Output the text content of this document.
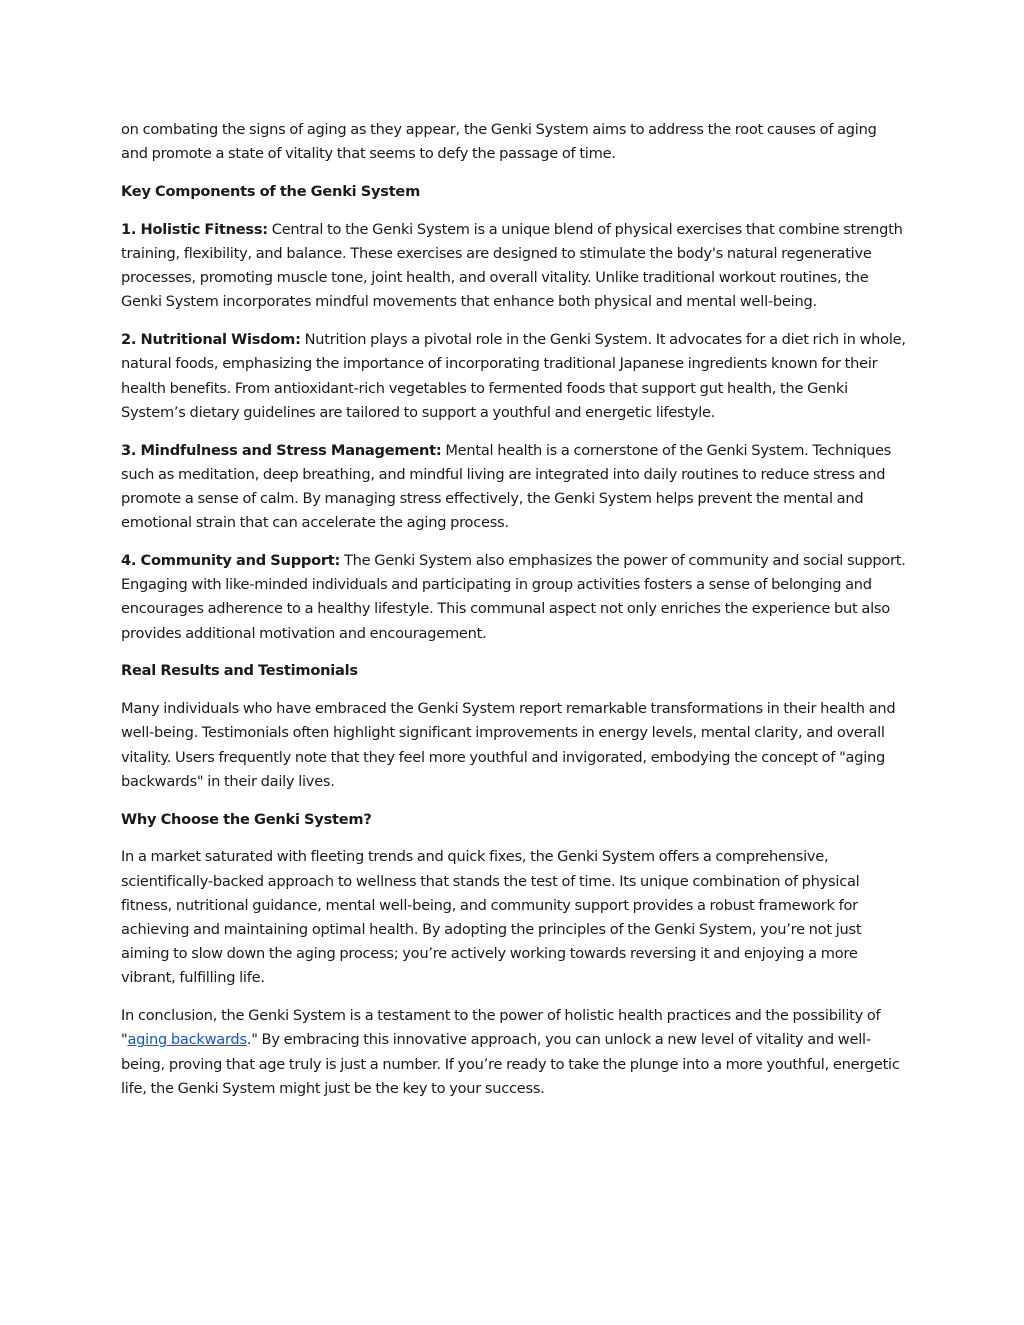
on combating the signs of aging as they appear, the Genki System aims to address the root causes of aging and promote a state of vitality that seems to defy the passage of time.

Key Components of the Genki System

1. Holistic Fitness: Central to the Genki System is a unique blend of physical exercises that combine strength training, flexibility, and balance. These exercises are designed to stimulate the body's natural regenerative processes, promoting muscle tone, joint health, and overall vitality. Unlike traditional workout routines, the Genki System incorporates mindful movements that enhance both physical and mental well-being.

2. Nutritional Wisdom: Nutrition plays a pivotal role in the Genki System. It advocates for a diet rich in whole, natural foods, emphasizing the importance of incorporating traditional Japanese ingredients known for their health benefits. From antioxidant-rich vegetables to fermented foods that support gut health, the Genki System’s dietary guidelines are tailored to support a youthful and energetic lifestyle.

3. Mindfulness and Stress Management: Mental health is a cornerstone of the Genki System. Techniques such as meditation, deep breathing, and mindful living are integrated into daily routines to reduce stress and promote a sense of calm. By managing stress effectively, the Genki System helps prevent the mental and emotional strain that can accelerate the aging process.

4. Community and Support: The Genki System also emphasizes the power of community and social support. Engaging with like-minded individuals and participating in group activities fosters a sense of belonging and encourages adherence to a healthy lifestyle. This communal aspect not only enriches the experience but also provides additional motivation and encouragement.

Real Results and Testimonials

Many individuals who have embraced the Genki System report remarkable transformations in their health and well-being. Testimonials often highlight significant improvements in energy levels, mental clarity, and overall vitality. Users frequently note that they feel more youthful and invigorated, embodying the concept of "aging backwards" in their daily lives.

Why Choose the Genki System?

In a market saturated with fleeting trends and quick fixes, the Genki System offers a comprehensive, scientifically-backed approach to wellness that stands the test of time. Its unique combination of physical fitness, nutritional guidance, mental well-being, and community support provides a robust framework for achieving and maintaining optimal health. By adopting the principles of the Genki System, you’re not just aiming to slow down the aging process; you’re actively working towards reversing it and enjoying a more vibrant, fulfilling life.

In conclusion, the Genki System is a testament to the power of holistic health practices and the possibility of "aging backwards." By embracing this innovative approach, you can unlock a new level of vitality and well-being, proving that age truly is just a number. If you’re ready to take the plunge into a more youthful, energetic life, the Genki System might just be the key to your success.
